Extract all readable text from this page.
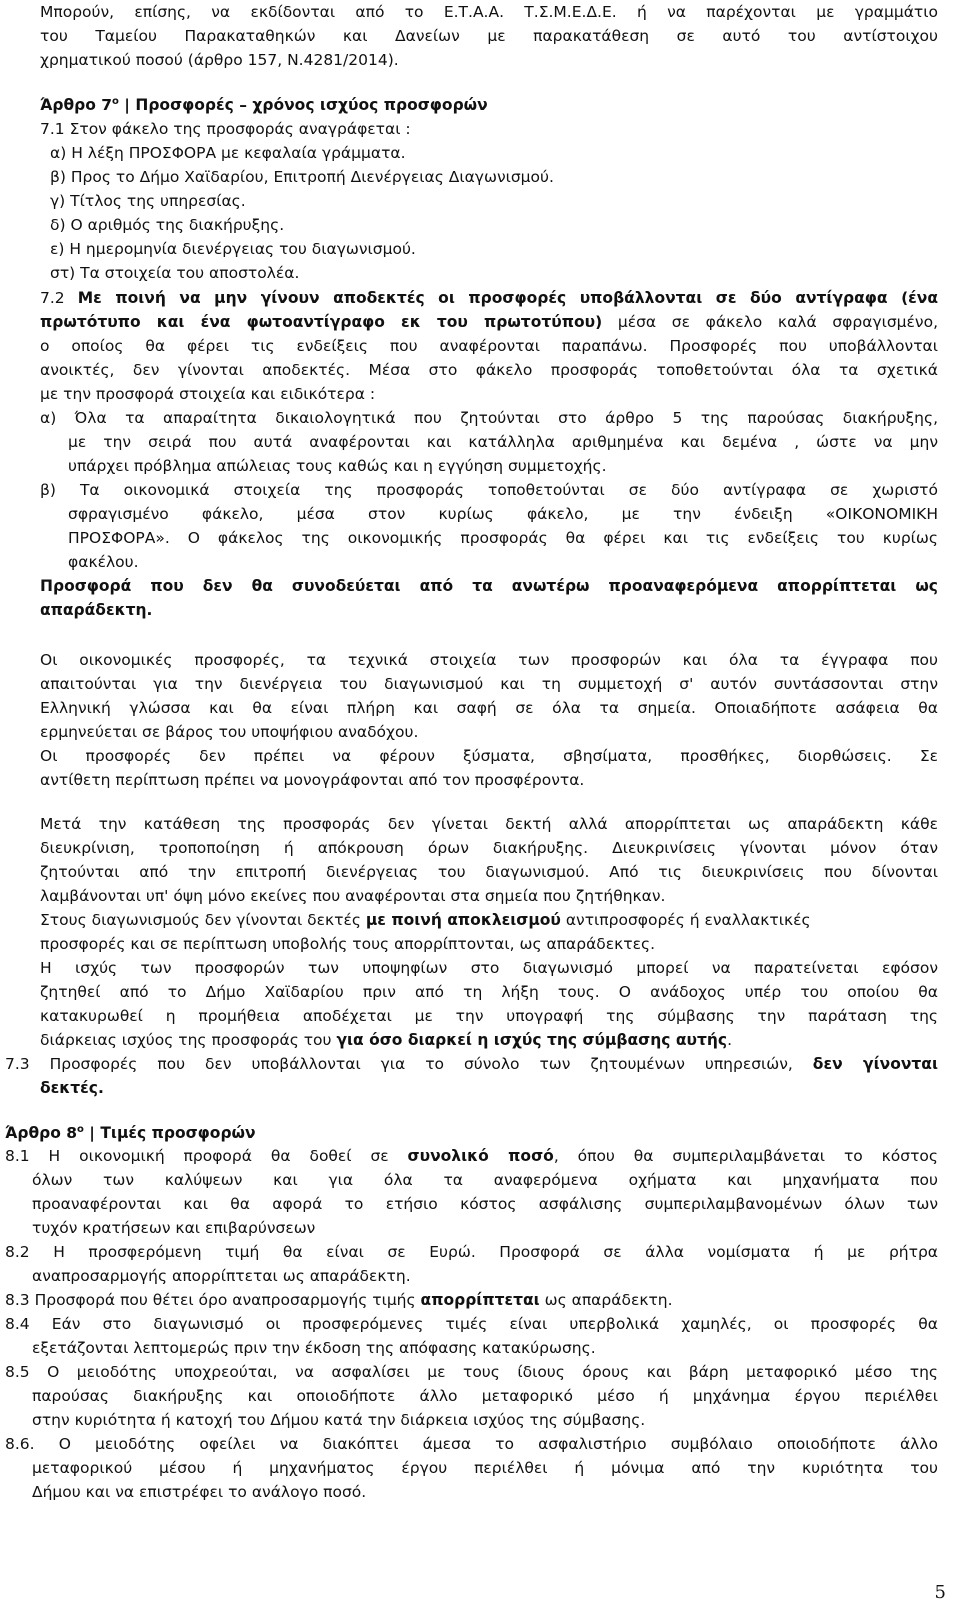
Μπορούν, επίσης, να εκδίδονται από το Ε.Τ.Α.Α. Τ.Σ.Μ.Ε.Δ.Ε. ή να παρέχονται με γραμμάτιο
του Ταμείου Παρακαταθηκών και Δανείων με παρακατάθεση σε αυτό του αντίστοιχου
χρηματικού ποσού (άρθρο 157, Ν.4281/2014).
Άρθρο $7^o$ | Προσφορές – χρόνος ισχύος προσφορών
7.1 Στον φάκελο της προσφοράς αναγράφεται :
α) Η λέξη ΠΡΟΣΦΟΡΑ με κεφαλαία γράμματα.
β) Προς το Δήμο Χαϊδαρίου, Επιτροπή Διενέργειας Διαγωνισμού.
γ) Τίτλος της υπηρεσίας.
δ) Ο αριθμός της διακήρυξης.
ε) Η ημερομηνία διενέργειας του διαγωνισμού.
στ) Τα στοιχεία του αποστολέα.
7.2 Με ποινή να μην γίνουν αποδεκτές οι προσφορές υποβάλλονται σε δύο αντίγραφα (ένα
πρωτότυπο και ένα φωτοαντίγραφο εκ του πρωτοτύπου) μέσα σε φάκελο καλά σφραγισμένο,
ο οποίος θα φέρει τις ενδείξεις που αναφέρονται παραπάνω. Προσφορές που υποβάλλονται
ανοικτές, δεν γίνονται αποδεκτές. Μέσα στο φάκελο προσφοράς τοποθετούνται όλα τα σχετικά
με την προσφορά στοιχεία και ειδικότερα :
α) Όλα τα απαραίτητα δικαιολογητικά που ζητούνται στο άρθρο 5 της παρούσας διακήρυξης,
με την σειρά που αυτά αναφέρονται και κατάλληλα αριθμημένα και δεμένα , ώστε να μην
υπάρχει πρόβλημα απώλειας τους καθώς και η εγγύηση συμμετοχής.
β) Τα οικονομικά στοιχεία της προσφοράς τοποθετούνται σε δύο αντίγραφα σε χωριστό
σφραγισμένο φάκελο, μέσα στον κυρίως φάκελο, με την ένδειξη «ΟΙΚΟΝΟΜΙΚΗ
ΠΡΟΣΦΟΡΑ». Ο φάκελος της οικονομικής προσφοράς θα φέρει και τις ενδείξεις του κυρίως
φακέλου.
Προσφορά που δεν θα συνοδεύεται από τα ανωτέρω προαναφερόμενα απορρίπτεται ως
απαράδεκτη.
Οι οικονομικές προσφορές, τα τεχνικά στοιχεία των προσφορών και όλα τα έγγραφα που
απαιτούνται για την διενέργεια του διαγωνισμού και τη συμμετοχή σ' αυτόν συντάσσονται στην
Ελληνική γλώσσα και θα είναι πλήρη και σαφή σε όλα τα σημεία. Οποιαδήποτε ασάφεια θα
ερμηνεύεται σε βάρος του υποψήφιου αναδόχου.
Οι προσφορές δεν πρέπει να φέρουν ξύσματα, σβησίματα, προσθήκες, διορθώσεις. Σε
αντίθετη περίπτωση πρέπει να μονογράφονται από τον προσφέροντα.
Μετά την κατάθεση της προσφοράς δεν γίνεται δεκτή αλλά απορρίπτεται ως απαράδεκτη κάθε
διευκρίνιση, τροποποίηση ή απόκρουση όρων διακήρυξης. Διευκρινίσεις γίνονται μόνον όταν
ζητούνται από την επιτροπή διενέργειας του διαγωνισμού. Από τις διευκρινίσεις που δίνονται
λαμβάνονται υπ' όψη μόνο εκείνες που αναφέρονται στα σημεία που ζητήθηκαν.
Στους διαγωνισμούς δεν γίνονται δεκτές με ποινή αποκλεισμού αντιπροσφορές ή εναλλακτικές
προσφορές και σε περίπτωση υποβολής τους απορρίπτονται, ως απαράδεκτες.
Η ισχύς των προσφορών των υποψηφίων στο διαγωνισμό μπορεί να παρατείνεται εφόσον
ζητηθεί από το Δήμο Χαϊδαρίου πριν από τη λήξη τους. Ο ανάδοχος υπέρ του οποίου θα
κατακυρωθεί η προμήθεια αποδέχεται με την υπογραφή της σύμβασης την παράταση της
διάρκειας ισχύος της προσφοράς του για όσο διαρκεί η ισχύς της σύμβασης αυτής.
7.3 Προσφορές που δεν υποβάλλονται για το σύνολο των ζητουμένων υπηρεσιών, δεν γίνονται
δεκτές.
Άρθρο $8^o$ | Τιμές προσφορών
8.1 Η οικονομική προφορά θα δοθεί σε συνολικό ποσό, όπου θα συμπεριλαμβάνεται το κόστος
όλων των καλύψεων και για όλα τα αναφερόμενα οχήματα και μηχανήματα που
προαναφέρονται και θα αφορά το ετήσιο κόστος ασφάλισης συμπεριλαμβανομένων όλων των
τυχόν κρατήσεων και επιβαρύνσεων
8.2 Η προσφερόμενη τιμή θα είναι σε Ευρώ. Προσφορά σε άλλα νομίσματα ή με ρήτρα
αναπροσαρμογής απορρίπτεται ως απαράδεκτη.
8.3 Προσφορά που θέτει όρο αναπροσαρμογής τιμής απορρίπτεται ως απαράδεκτη.
8.4 Εάν στο διαγωνισμό οι προσφερόμενες τιμές είναι υπερβολικά χαμηλές, οι προσφορές θα
εξετάζονται λεπτομερώς πριν την έκδοση της απόφασης κατακύρωσης.
8.5 Ο μειοδότης υποχρεούται, να ασφαλίσει με τους ίδιους όρους και βάρη μεταφορικό μέσο της
παρούσας διακήρυξης και οποιοδήποτε άλλο μεταφορικό μέσο ή μηχάνημα έργου περιέλθει
στην κυριότητα ή κατοχή του Δήμου κατά την διάρκεια ισχύος της σύμβασης.
8.6. Ο μειοδότης οφείλει να διακόπτει άμεσα το ασφαλιστήριο συμβόλαιο οποιοδήποτε άλλο
μεταφορικού μέσου ή μηχανήματος έργου περιέλθει ή μόνιμα από την κυριότητα του
Δήμου και να επιστρέφει το ανάλογο ποσό.
5
